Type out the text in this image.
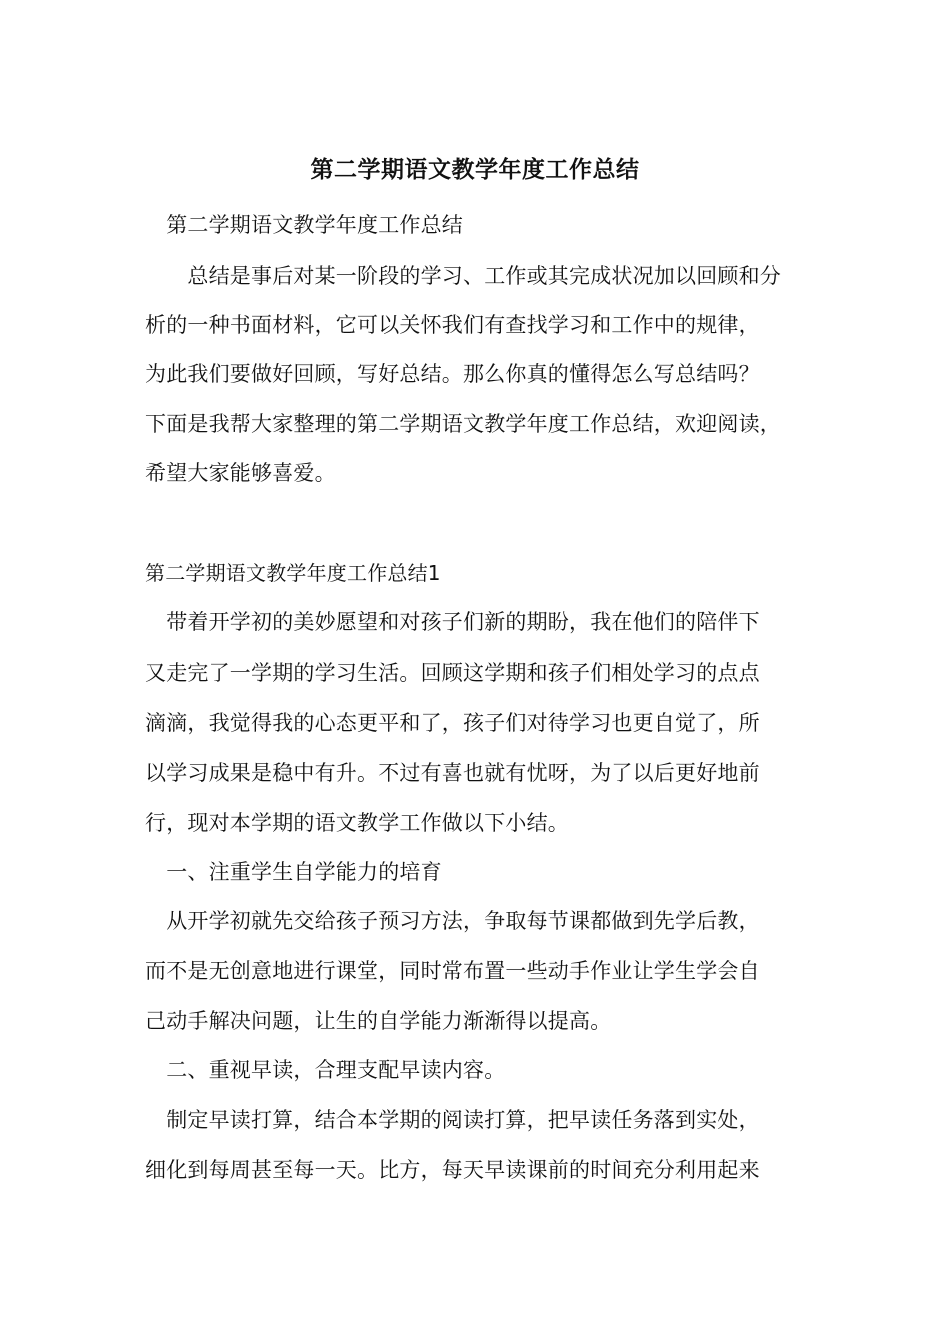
第二学期语文教学年度工作总结
　第二学期语文教学年度工作总结
　　总结是事后对某一阶段的学习、工作或其完成状况加以回顾和分
析的一种书面材料，它可以关怀我们有查找学习和工作中的规律，
为此我们要做好回顾，写好总结。那么你真的懂得怎么写总结吗？
下面是我帮大家整理的第二学期语文教学年度工作总结，欢迎阅读，
希望大家能够喜爱。
第二学期语文教学年度工作总结1
　带着开学初的美妙愿望和对孩子们新的期盼，我在他们的陪伴下
又走完了一学期的学习生活。回顾这学期和孩子们相处学习的点点
滴滴，我觉得我的心态更平和了，孩子们对待学习也更自觉了，所
以学习成果是稳中有升。不过有喜也就有忧呀，为了以后更好地前
行，现对本学期的语文教学工作做以下小结。
　一、注重学生自学能力的培育
　从开学初就先交给孩子预习方法，争取每节课都做到先学后教，
而不是无创意地进行课堂，同时常布置一些动手作业让学生学会自
己动手解决问题，让生的自学能力渐渐得以提高。
　二、重视早读，合理支配早读内容。
　制定早读打算，结合本学期的阅读打算，把早读任务落到实处，
细化到每周甚至每一天。比方，每天早读课前的时间充分利用起来
